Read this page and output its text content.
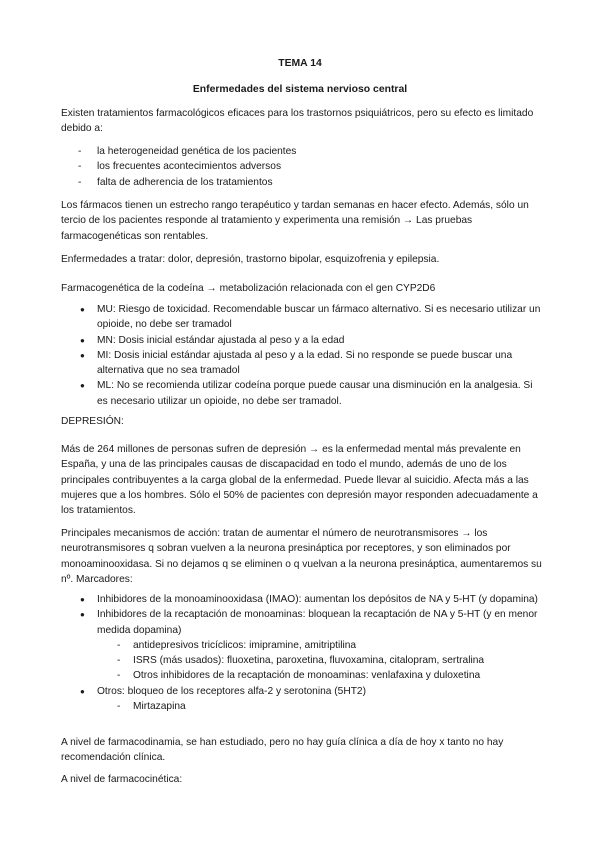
TEMA 14
Enfermedades del sistema nervioso central
Existen tratamientos farmacológicos eficaces para los trastornos psiquiátricos, pero su efecto es limitado debido a:
- la heterogeneidad genética de los pacientes
- los frecuentes acontecimientos adversos
- falta de adherencia de los tratamientos
Los fármacos tienen un estrecho rango terapéutico y tardan semanas en hacer efecto. Además, sólo un tercio de los pacientes responde al tratamiento y experimenta una remisión → Las pruebas farmacogenéticas son rentables.
Enfermedades a tratar: dolor, depresión, trastorno bipolar, esquizofrenia y epilepsia.
Farmacogenética de la codeína → metabolización relacionada con el gen CYP2D6
● MU: Riesgo de toxicidad. Recomendable buscar un fármaco alternativo. Si es necesario utilizar un opioide, no debe ser tramadol
● MN: Dosis inicial estándar ajustada al peso y a la edad
● MI: Dosis inicial estándar ajustada al peso y a la edad. Si no responde se puede buscar una alternativa que no sea tramadol
● ML: No se recomienda utilizar codeína porque puede causar una disminución en la analgesia. Si es necesario utilizar un opioide, no debe ser tramadol.
DEPRESIÓN:
Más de 264 millones de personas sufren de depresión → es la enfermedad mental más prevalente en España, y una de las principales causas de discapacidad en todo el mundo, además de uno de los principales contribuyentes a la carga global de la enfermedad. Puede llevar al suicidio. Afecta más a las mujeres que a los hombres. Sólo el 50% de pacientes con depresión mayor responden adecuadamente a los tratamientos.
Principales mecanismos de acción: tratan de aumentar el número de neurotransmisores → los neurotransmisores q sobran vuelven a la neurona presináptica por receptores, y son eliminados por monoaminooxidasa. Si no dejamos q se eliminen o q vuelvan a la neurona presináptica, aumentaremos su nº. Marcadores:
● Inhibidores de la monoaminooxidasa (IMAO): aumentan los depósitos de NA y 5-HT (y dopamina)
● Inhibidores de la recaptación de monoaminas: bloquean la recaptación de NA y 5-HT (y en menor medida dopamina)
- antidepresivos tricíclicos: imipramine, amitriptilina
- ISRS (más usados): fluoxetina, paroxetina, fluvoxamina, citalopram, sertralina
- Otros inhibidores de la recaptación de monoaminas: venlafaxina y duloxetina
● Otros: bloqueo de los receptores alfa-2 y serotonina (5HT2)
- Mirtazapina
A nivel de farmacodinamia, se han estudiado, pero no hay guía clínica a día de hoy x tanto no hay recomendación clínica.
A nivel de farmacocinética:
